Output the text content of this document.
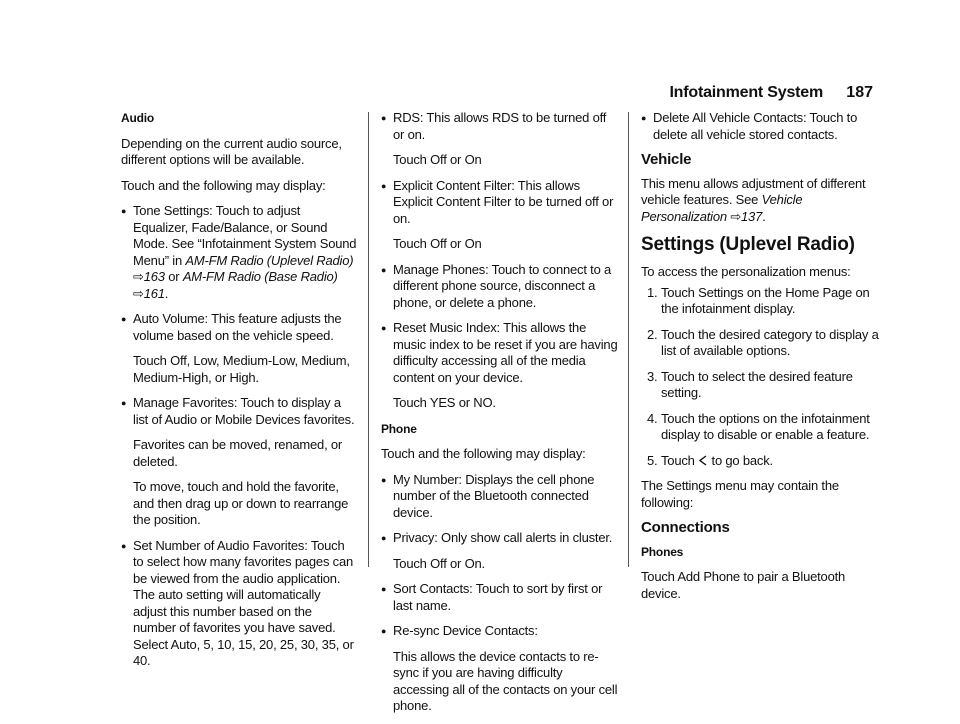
Infotainment System 187

Audio

Depending on the current audio source, different options will be available.

Touch and the following may display:

● Tone Settings: Touch to adjust Equalizer, Fade/Balance, or Sound Mode. See “Infotainment System Sound Menu” in AM-FM Radio (Uplevel Radio) ⇨163 or AM-FM Radio (Base Radio) ⇨161.
● Auto Volume: This feature adjusts the volume based on the vehicle speed.

Touch Off, Low, Medium-Low, Medium, Medium-High, or High.

● Manage Favorites: Touch to display a list of Audio or Mobile Devices favorites.

Favorites can be moved, renamed, or deleted.

To move, touch and hold the favorite, and then drag up or down to rearrange the position.

● Set Number of Audio Favorites: Touch to select how many favorites pages can be viewed from the audio application. The auto setting will automatically adjust this number based on the number of favorites you have saved. Select Auto, 5, 10, 15, 20, 25, 30, 35, or 40.
● RDS: This allows RDS to be turned off or on.

Touch Off or On

● Explicit Content Filter: This allows Explicit Content Filter to be turned off or on.

Touch Off or On

● Manage Phones: Touch to connect to a different phone source, disconnect a phone, or delete a phone.
● Reset Music Index: This allows the music index to be reset if you are having difficulty accessing all of the media content on your device.

Touch YES or NO.

Phone

Touch and the following may display:

● My Number: Displays the cell phone number of the Bluetooth connected device.
● Privacy: Only show call alerts in cluster.

Touch Off or On.

● Sort Contacts: Touch to sort by first or last name.
● Re-sync Device Contacts:

This allows the device contacts to re-sync if you are having difficulty accessing all of the contacts on your cell phone.

● Delete All Vehicle Contacts: Touch to delete all vehicle stored contacts.
Vehicle

This menu allows adjustment of different vehicle features. See Vehicle Personalization ⇨137.

Settings (Uplevel Radio)

To access the personalization menus:

1. Touch Settings on the Home Page on the infotainment display.
2. Touch the desired category to display a list of available options.
3. Touch to select the desired feature setting.
4. Touch the options on the infotainment display to disable or enable a feature.
5. Touch to go back.

The Settings menu may contain the following:

Connections

Phones

Touch Add Phone to pair a Bluetooth device.
